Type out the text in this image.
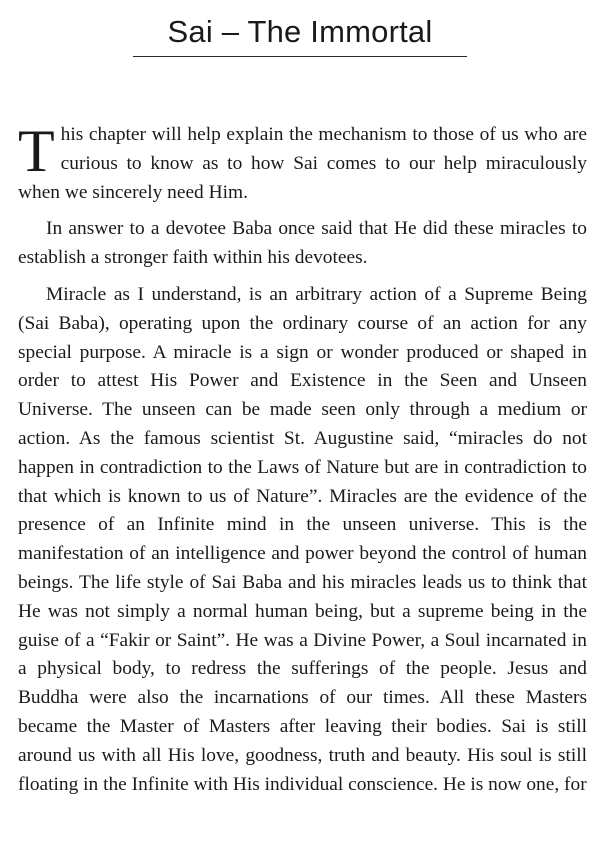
Sai – The Immortal

This chapter will help explain the mechanism to those of us who are curious to know as to how Sai comes to our help miraculously when we sincerely need Him.

In answer to a devotee Baba once said that He did these miracles to establish a stronger faith within his devotees.

Miracle as I understand, is an arbitrary action of a Supreme Being (Sai Baba), operating upon the ordinary course of an action for any special purpose. A miracle is a sign or wonder produced or shaped in order to attest His Power and Existence in the Seen and Unseen Universe. The unseen can be made seen only through a medium or action. As the famous scientist St. Augustine said, “miracles do not happen in contradiction to the Laws of Nature but are in contradiction to that which is known to us of Nature”. Miracles are the evidence of the presence of an Infinite mind in the unseen universe. This is the manifestation of an intelligence and power beyond the control of human beings. The life style of Sai Baba and his miracles leads us to think that He was not simply a normal human being, but a supreme being in the guise of a “Fakir or Saint”. He was a Divine Power, a Soul incarnated in a physical body, to redress the sufferings of the people. Jesus and Buddha were also the incarnations of our times. All these Masters became the Master of Masters after leaving their bodies. Sai is still around us with all His love, goodness, truth and beauty. His soul is still floating in the Infinite with His individual conscience. He is now one, for
